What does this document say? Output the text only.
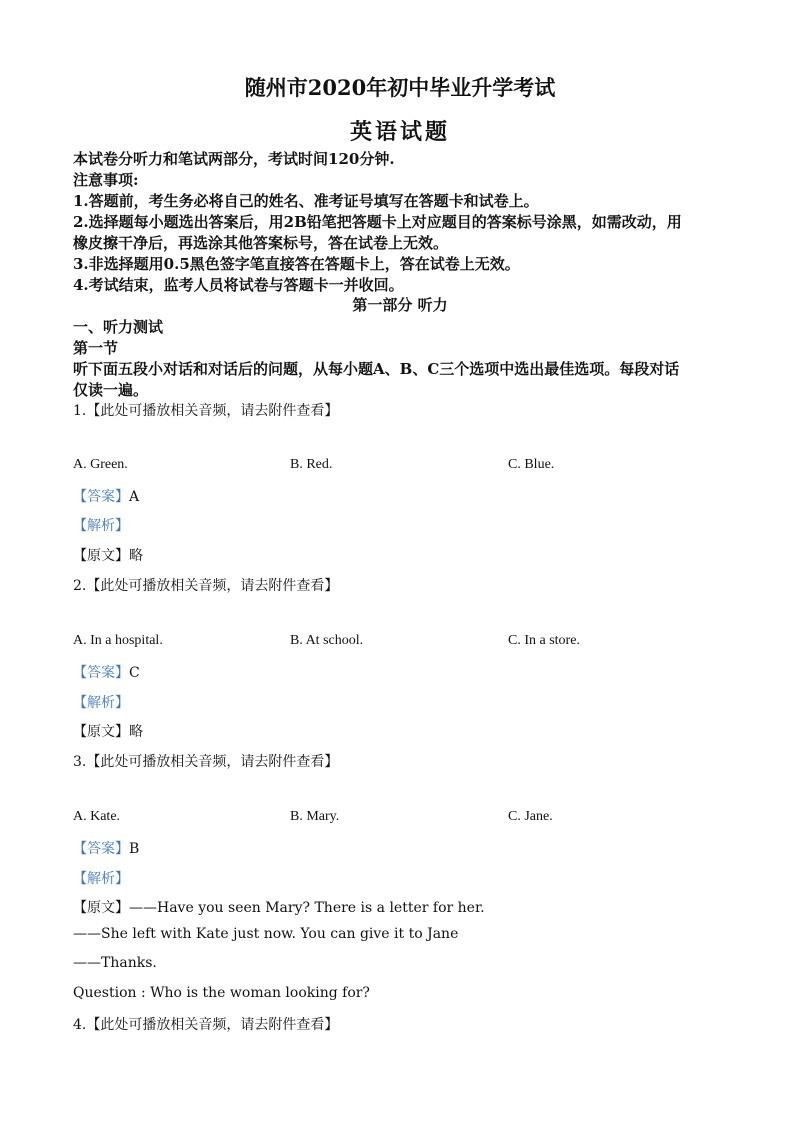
随州市2020年初中毕业升学考试
英语试题
本试卷分听力和笔试两部分，考试时间120分钟.
注意事项:
1.答题前，考生务必将自己的姓名、准考证号填写在答题卡和试卷上。
2.选择题每小题选出答案后，用2B铅笔把答题卡上对应题目的答案标号涂黑，如需改动，用
橡皮擦干净后，再选涂其他答案标号，答在试卷上无效。
3.非选择题用0.5黑色签字笔直接答在答题卡上，答在试卷上无效。
4.考试结束，监考人员将试卷与答题卡一并收回。
第一部分 听力
一、听力测试
第一节
听下面五段小对话和对话后的问题，从每小题A、B、C三个选项中选出最佳选项。每段对话
仅读一遍。
1.【此处可播放相关音频，请去附件查看】
A. Green.	B. Red.	C. Blue.
【答案】A
【解析】
【原文】略
2.【此处可播放相关音频，请去附件查看】
A. In a hospital.	B. At school.	C. In a store.
【答案】C
【解析】
【原文】略
3.【此处可播放相关音频，请去附件查看】
A. Kate.	B. Mary.	C. Jane.
【答案】B
【解析】
【原文】——Have you seen Mary? There is a letter for her.
——She left with Kate just now. You can give it to Jane
——Thanks.
Question : Who is the woman looking for?
4.【此处可播放相关音频，请去附件查看】
